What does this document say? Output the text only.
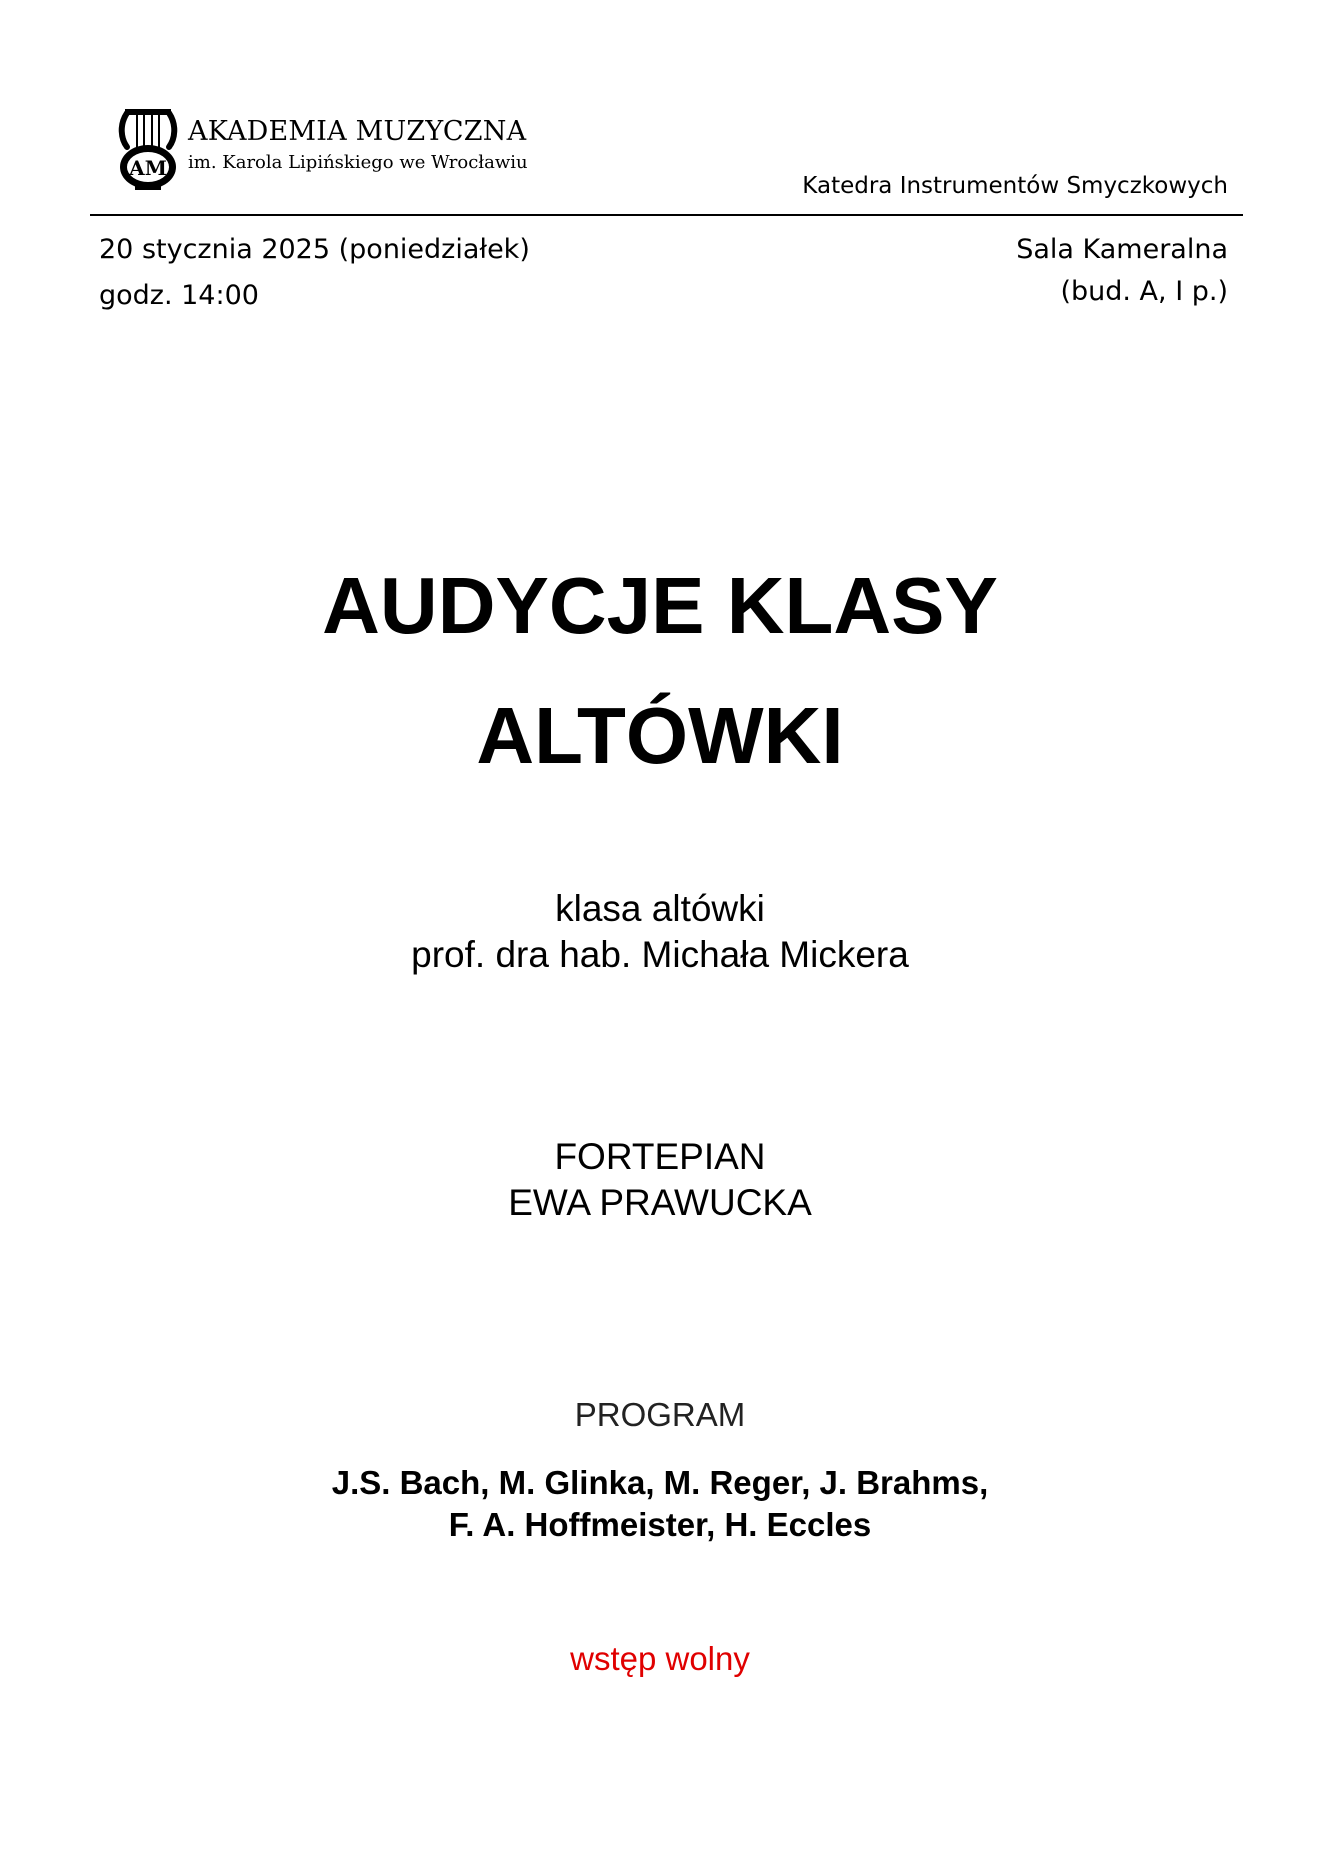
AM
AKADEMIA MUZYCZNA
im. Karola Lipińskiego we Wrocławiu
Katedra Instrumentów Smyczkowych
20 stycznia 2025 (poniedziałek)
godz. 14:00
Sala Kameralna
(bud. A, I p.)
AUDYCJE KLASY
ALTÓWKI
klasa altówki
prof. dra hab. Michała Mickera
FORTEPIAN
EWA PRAWUCKA
PROGRAM
J.S. Bach, M. Glinka, M. Reger, J. Brahms,
F. A. Hoffmeister, H. Eccles
wstęp wolny
